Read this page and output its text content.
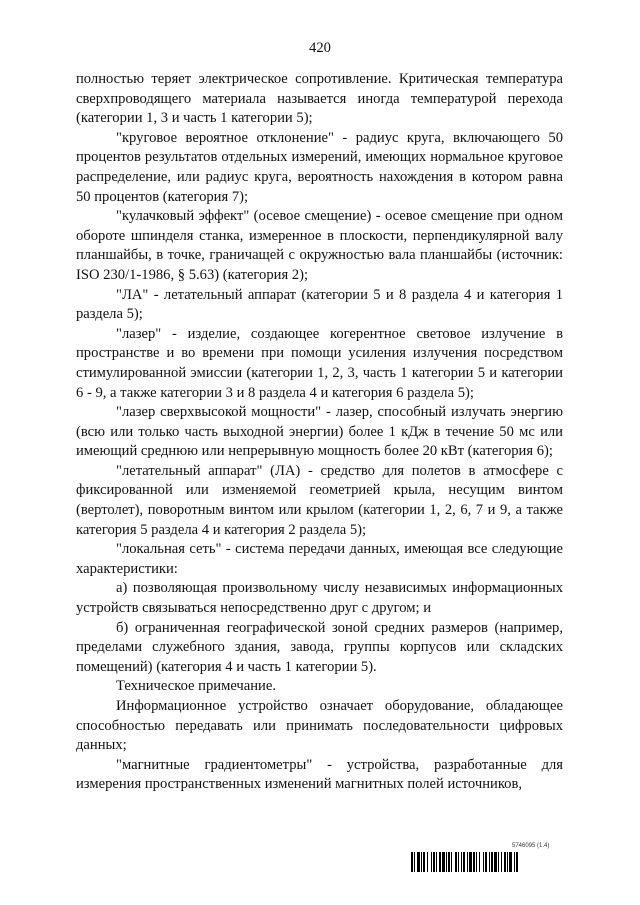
420

полностью теряет электрическое сопротивление. Критическая температура сверхпроводящего материала называется иногда температурой перехода (категории 1, 3 и часть 1 категории 5);

"круговое вероятное отклонение" - радиус круга, включающего 50 процентов результатов отдельных измерений, имеющих нормальное круговое распределение, или радиус круга, вероятность нахождения в котором равна 50 процентов (категория 7);

"кулачковый эффект" (осевое смещение) - осевое смещение при одном обороте шпинделя станка, измеренное в плоскости, перпендикулярной валу планшайбы, в точке, граничащей с окружностью вала планшайбы (источник: ISO 230/1-1986, § 5.63) (категория 2);

"ЛА" - летательный аппарат (категории 5 и 8 раздела 4 и категория 1 раздела 5);

"лазер" - изделие, создающее когерентное световое излучение в пространстве и во времени при помощи усиления излучения посредством стимулированной эмиссии (категории 1, 2, 3, часть 1 категории 5 и категории 6 - 9, а также категории 3 и 8 раздела 4 и категория 6 раздела 5);

"лазер сверхвысокой мощности" - лазер, способный излучать энергию (всю или только часть выходной энергии) более 1 кДж в течение 50 мс или имеющий среднюю или непрерывную мощность более 20 кВт (категория 6);

"летательный аппарат" (ЛА) - средство для полетов в атмосфере с фиксированной или изменяемой геометрией крыла, несущим винтом (вертолет), поворотным винтом или крылом (категории 1, 2, 6, 7 и 9, а также категория 5 раздела 4 и категория 2 раздела 5);

"локальная сеть" - система передачи данных, имеющая все следующие характеристики:

а) позволяющая произвольному числу независимых информационных устройств связываться непосредственно друг с другом; и

б) ограниченная географической зоной средних размеров (например, пределами служебного здания, завода, группы корпусов или складских помещений) (категория 4 и часть 1 категории 5).

Техническое примечание.

Информационное устройство означает оборудование, обладающее способностью передавать или принимать последовательности цифровых данных;

"магнитные градиентометры" - устройства, разработанные для измерения пространственных изменений магнитных полей источников,

5746095 (1.4)
